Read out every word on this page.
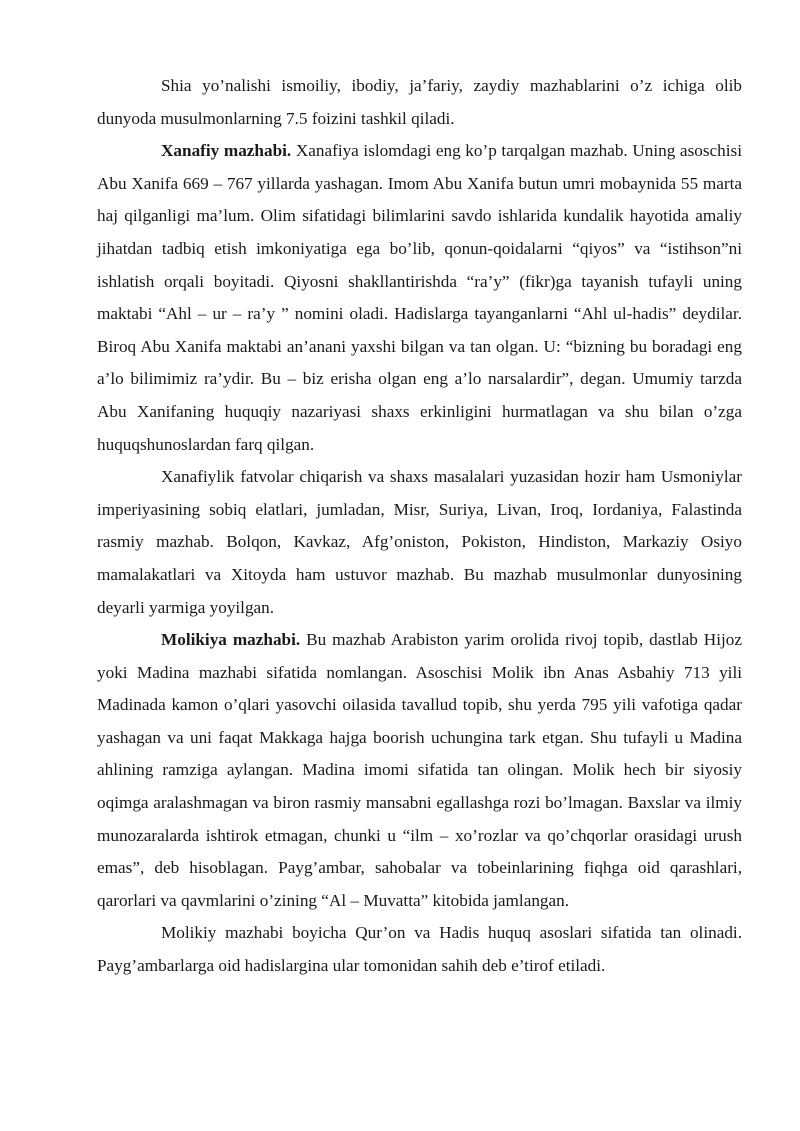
Shia yo’nalishi ismoiliy, ibodiy, ja’fariy, zaydiy mazhablarini o’z ichiga olib dunyoda musulmonlarning 7.5 foizini tashkil qiladi.

Xanafiy mazhabi. Xanafiya islomdagi eng ko’p tarqalgan mazhab. Uning asoschisi Abu Xanifa 669 – 767 yillarda yashagan. Imom Abu Xanifa butun umri mobaynida 55 marta haj qilganligi ma’lum. Olim sifatidagi bilimlarini savdo ishlarida kundalik hayotida amaliy jihatdan tadbiq etish imkoniyatiga ega bo’lib, qonun-qoidalarni “qiyos” va “istihson”ni ishlatish orqali boyitadi. Qiyosni shakllantirishda “ra’y” (fikr)ga tayanish tufayli uning maktabi “Ahl – ur – ra’y ” nomini oladi. Hadislarga tayanganlarni “Ahl ul-hadis” deydilar. Biroq Abu Xanifa maktabi an’anani yaxshi bilgan va tan olgan. U: “bizning bu boradagi eng a’lo bilimimiz ra’ydir. Bu – biz erisha olgan eng a’lo narsalardir”, degan. Umumiy tarzda Abu Xanifaning huquqiy nazariyasi shaxs erkinligini hurmatlagan va shu bilan o’zga huquqshunoslardan farq qilgan.

Xanafiylik fatvolar chiqarish va shaxs masalalari yuzasidan hozir ham Usmoniylar imperiyasining sobiq elatlari, jumladan, Misr, Suriya, Livan, Iroq, Iordaniya, Falastinda rasmiy mazhab. Bolqon, Kavkaz, Afg’oniston, Pokiston, Hindiston, Markaziy Osiyo mamalakatlari va Xitoyda ham ustuvor mazhab. Bu mazhab musulmonlar dunyosining deyarli yarmiga yoyilgan.

Molikiya mazhabi. Bu mazhab Arabiston yarim orolida rivoj topib, dastlab Hijoz yoki Madina mazhabi sifatida nomlangan. Asoschisi Molik ibn Anas Asbahiy 713 yili Madinada kamon o’qlari yasovchi oilasida tavallud topib, shu yerda 795 yili vafotiga qadar yashagan va uni faqat Makkaga hajga boorish uchungina tark etgan. Shu tufayli u Madina ahlining ramziga aylangan. Madina imomi sifatida tan olingan. Molik hech bir siyosiy oqimga aralashmagan va biron rasmiy mansabni egallashga rozi bo’lmagan. Baxslar va ilmiy munozaralarda ishtirok etmagan, chunki u “ilm – xo’rozlar va qo’chqorlar orasidagi urush emas”, deb hisoblagan. Payg’ambar, sahobalar va tobeinlarining fiqhga oid qarashlari, qarorlari va qavmlarini o’zining “Al – Muvatta” kitobida jamlangan.

Molikiy mazhabi boyicha Qur’on va Hadis huquq asoslari sifatida tan olinadi. Payg’ambarlarga oid hadislargina ular tomonidan sahih deb e’tirof etiladi.
